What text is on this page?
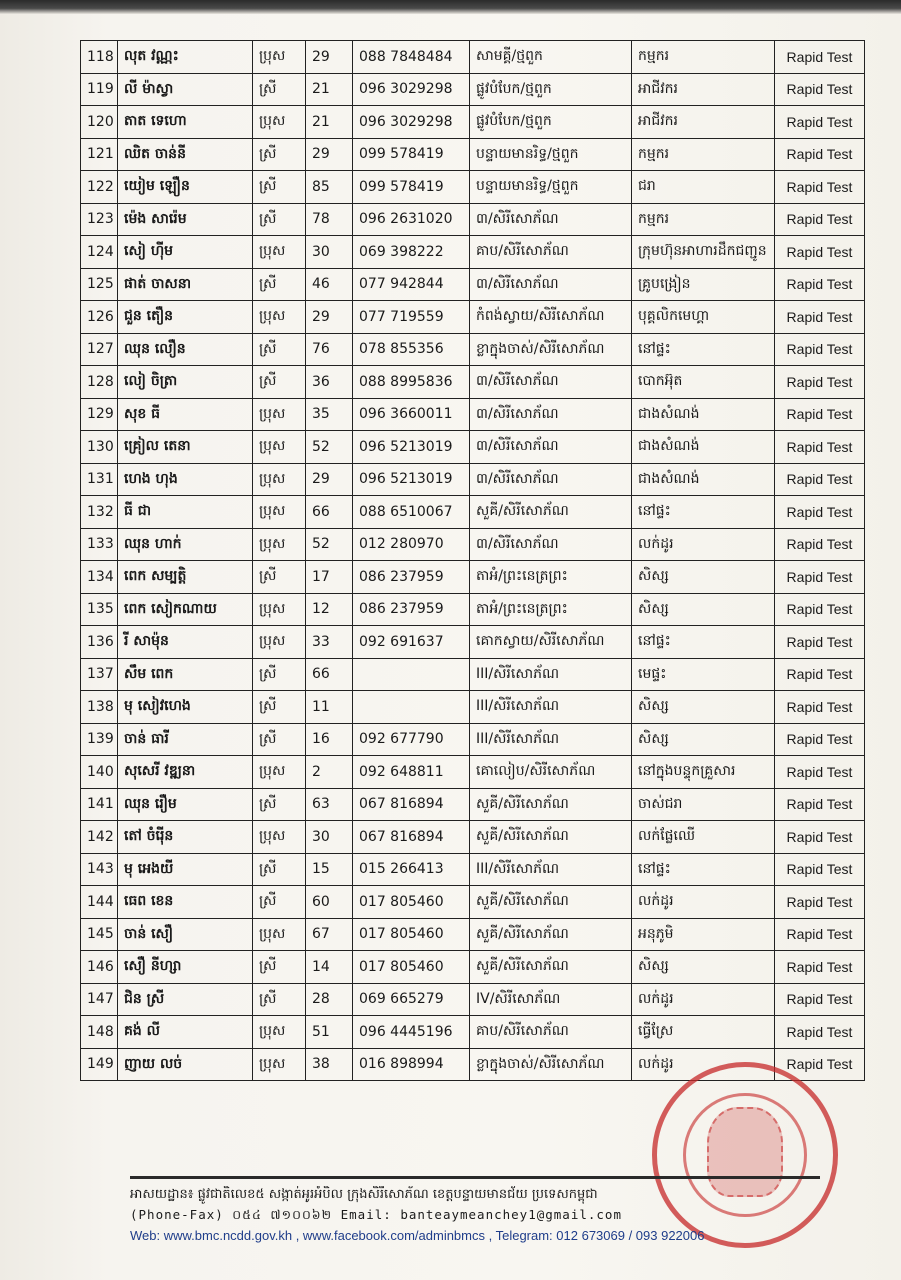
118	លុត វណ្ណះ	ប្រុស	29	088 7848484	សាមគ្គី/ថ្មពួក	កម្មករ	Rapid Test
119	លី ម៉ាស្វា	ស្រី	21	096 3029298	ផ្លូវបំបែក/ថ្មពួក	អាជីវករ	Rapid Test
120	តាត ទេហោ	ប្រុស	21	096 3029298	ផ្លូវបំបែក/ថ្មពួក	អាជីវករ	Rapid Test
121	ឈិត ចាន់នី	ស្រី	29	099 578419	បន្ទាយមានរិទ្ធ/ថ្មពួក	កម្មករ	Rapid Test
122	យៀម ឡឿន	ស្រី	85	099 578419	បន្ទាយមានរិទ្ធ/ថ្មពួក	ជរា	Rapid Test
123	ម៉េង សារ៉េម	ស្រី	78	096 2631020	៣/សិរីសោភ័ណ	កម្មករ	Rapid Test
124	សៀ ហ៊ីម	ប្រុស	30	069 398222	គាប/សិរីសោភ័ណ	ក្រុមហ៊ុនអាហារដឹកជញ្ជូន	Rapid Test
125	ផាត់ ចាសនា	ស្រី	46	077 942844	៣/សិរីសោភ័ណ	គ្រូបង្រៀន	Rapid Test
126	ជួន តឿន	ប្រុស	29	077 719559	កំពង់ស្វាយ/សិរីសោភ័ណ	បុគ្គលិកមេហ្គា	Rapid Test
127	ឈុន លឿន	ស្រី	76	078 855356	ខ្លាក្នុងចាស់/សិរីសោភ័ណ	នៅផ្ទះ	Rapid Test
128	លៀ ចិត្រា	ស្រី	36	088 8995836	៣/សិរីសោភ័ណ	បោកអ៊ុត	Rapid Test
129	សុខ ធី	ប្រុស	35	096 3660011	៣/សិរីសោភ័ណ	ជាងសំណង់	Rapid Test
130	គ្រៀល តេនា	ប្រុស	52	096 5213019	៣/សិរីសោភ័ណ	ជាងសំណង់	Rapid Test
131	ហេង ហុង	ប្រុស	29	096 5213019	៣/សិរីសោភ័ណ	ជាងសំណង់	Rapid Test
132	ធី ជា	ប្រុស	66	088 6510067	សួគី/សិរីសោភ័ណ	នៅផ្ទះ	Rapid Test
133	ឈុន ហាក់	ប្រុស	52	012 280970	៣/សិរីសោភ័ណ	លក់ដូរ	Rapid Test
134	ពេក សម្បត្តិ	ស្រី	17	086 237959	តាអំ/ព្រះនេត្រព្រះ	សិស្ស	Rapid Test
135	ពេក សៀកណាយ	ប្រុស	12	086 237959	តាអំ/ព្រះនេត្រព្រះ	សិស្ស	Rapid Test
136	រី សាម៉ុន	ប្រុស	33	092 691637	គោកស្វាយ/សិរីសោភ័ណ	នៅផ្ទះ	Rapid Test
137	សឹម ពេក	ស្រី	66		III/សិរីសោភ័ណ	មេផ្ទះ	Rapid Test
138	មុ សៀវហេង	ស្រី	11		III/សិរីសោភ័ណ	សិស្ស	Rapid Test
139	ចាន់ ធារី	ស្រី	16	092 677790	III/សិរីសោភ័ណ	សិស្ស	Rapid Test
140	សុសេរី វឌ្ឍនា	ប្រុស	2	092 648811	គោលៀប/សិរីសោភ័ណ	នៅក្នុងបន្ទុកគ្រួសារ	Rapid Test
141	ឈុន រឿម	ស្រី	63	067 816894	សួគី/សិរីសោភ័ណ	ចាស់ជរា	Rapid Test
142	តៅ ចំរ៉ើន	ប្រុស	30	067 816894	សួគី/សិរីសោភ័ណ	លក់ផ្លែឈើ	Rapid Test
143	មុ អេងយី	ស្រី	15	015 266413	III/សិរីសោភ័ណ	នៅផ្ទះ	Rapid Test
144	ធេព ខេន	ស្រី	60	017 805460	សួគី/សិរីសោភ័ណ	លក់ដូរ	Rapid Test
145	ចាន់ សឿ	ប្រុស	67	017 805460	សួគី/សិរីសោភ័ណ	អនុភូមិ	Rapid Test
146	សឿ នីហ្សា	ស្រី	14	017 805460	សួគី/សិរីសោភ័ណ	សិស្ស	Rapid Test
147	ជិន ស្រី	ស្រី	28	069 665279	IV/សិរីសោភ័ណ	លក់ដូរ	Rapid Test
148	គង់ លី	ប្រុស	51	096 4445196	គាប/សិរីសោភ័ណ	ធ្វើស្រែ	Rapid Test
149	ញាយ លច់	ប្រុស	38	016 898994	ខ្លាក្នុងចាស់/សិរីសោភ័ណ	លក់ដូរ	Rapid Test
អាសយដ្ឋាន៖ ផ្លូវជាតិលេខ៥ សង្កាត់អូរអំបិល ក្រុងសិរីសោភ័ណ ខេត្តបន្ទាយមានជ័យ ប្រទេសកម្ពុជា
(Phone-Fax) ០៥៤ ៧១០០៦២ Email: banteaymeanchey1@gmail.com
Web: www.bmc.ncdd.gov.kh , www.facebook.com/adminbmcs , Telegram: 012 673069 / 093 922006
